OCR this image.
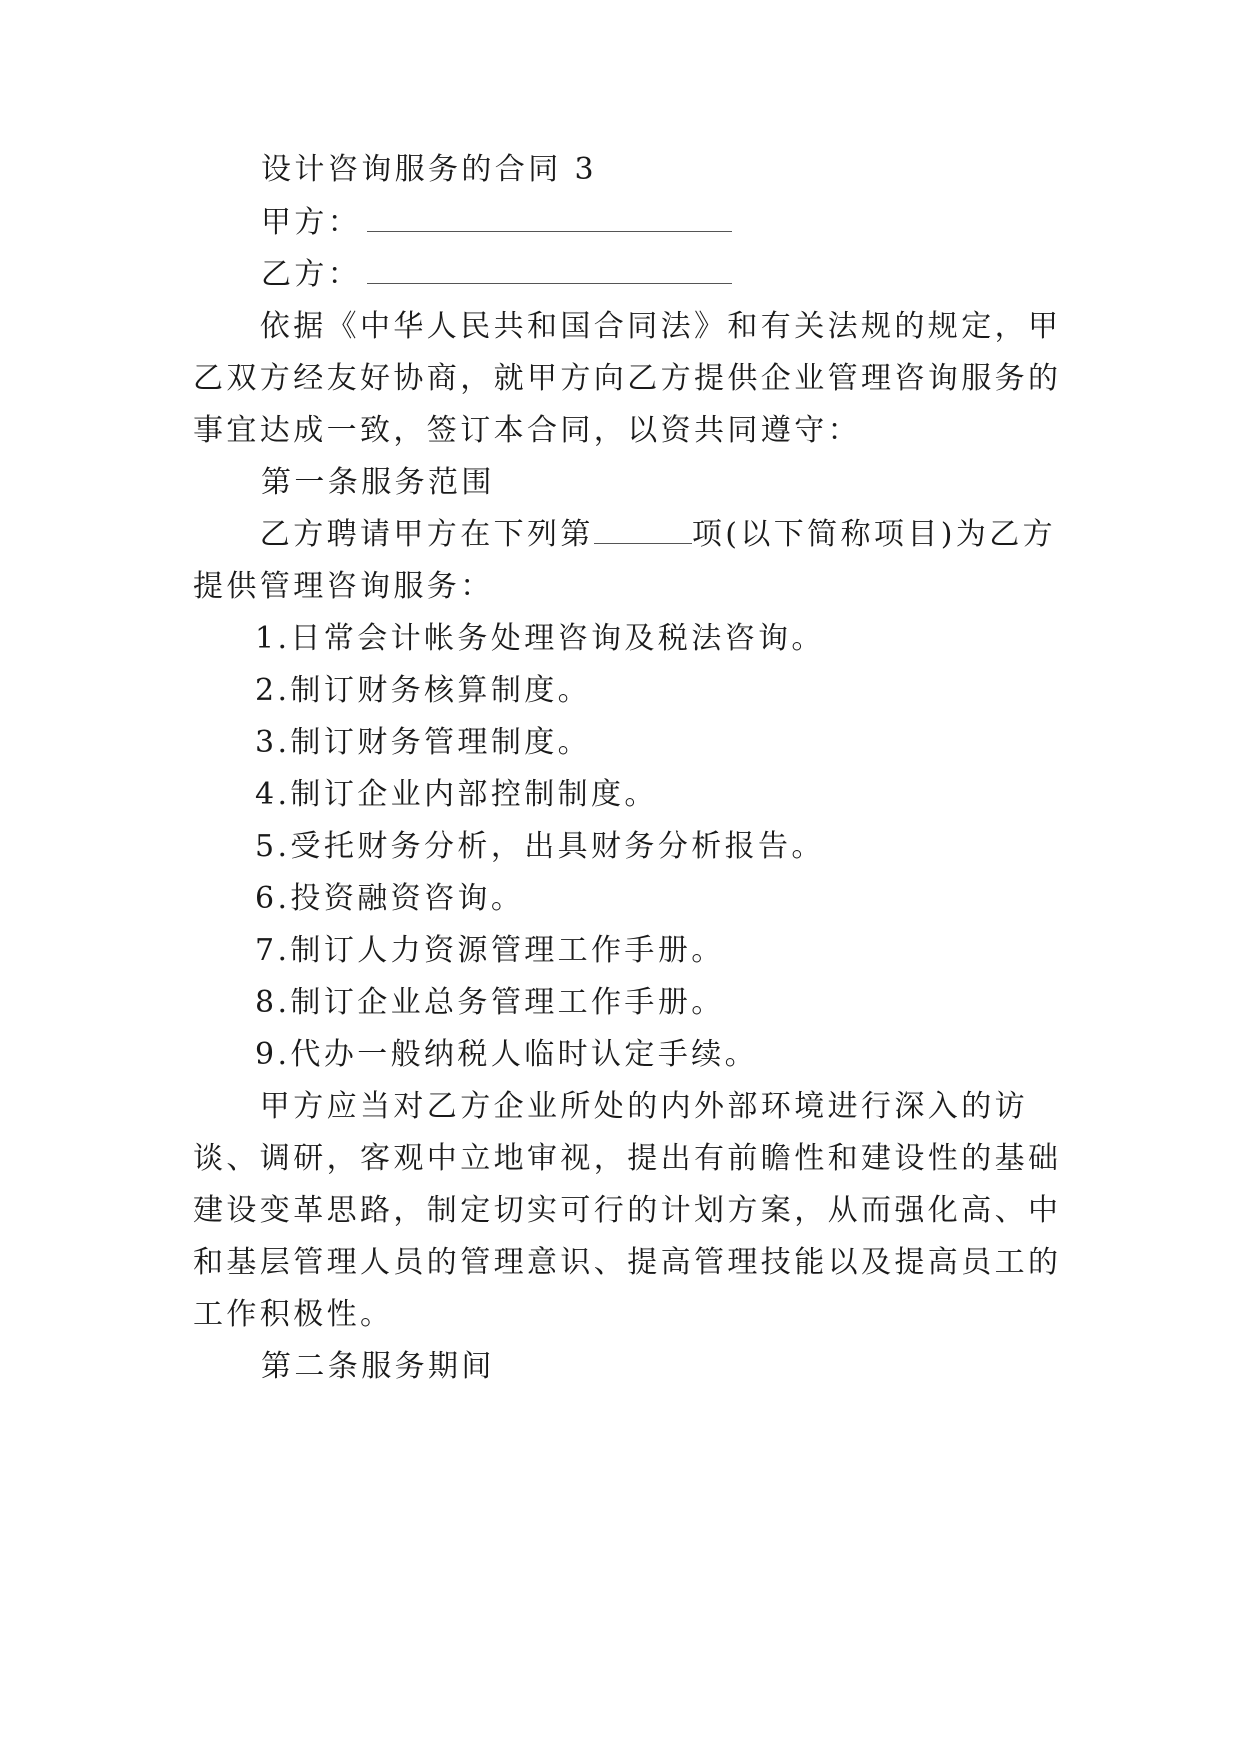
设计咨询服务的合同 3
甲方：
乙方：
　　依据《中华人民共和国合同法》和有关法规的规定，甲
乙双方经友好协商，就甲方向乙方提供企业管理咨询服务的
事宜达成一致，签订本合同，以资共同遵守：
第一条服务范围
　　乙方聘请甲方在下列第	项(以下简称项目)为乙方
提供管理咨询服务：
1.日常会计帐务处理咨询及税法咨询。
2.制订财务核算制度。
3.制订财务管理制度。
4.制订企业内部控制制度。
5.受托财务分析，出具财务分析报告。
6.投资融资咨询。
7.制订人力资源管理工作手册。
8.制订企业总务管理工作手册。
9.代办一般纳税人临时认定手续。
　　甲方应当对乙方企业所处的内外部环境进行深入的访
谈、调研，客观中立地审视，提出有前瞻性和建设性的基础
建设变革思路，制定切实可行的计划方案，从而强化高、中
和基层管理人员的管理意识、提高管理技能以及提高员工的
工作积极性。
第二条服务期间
